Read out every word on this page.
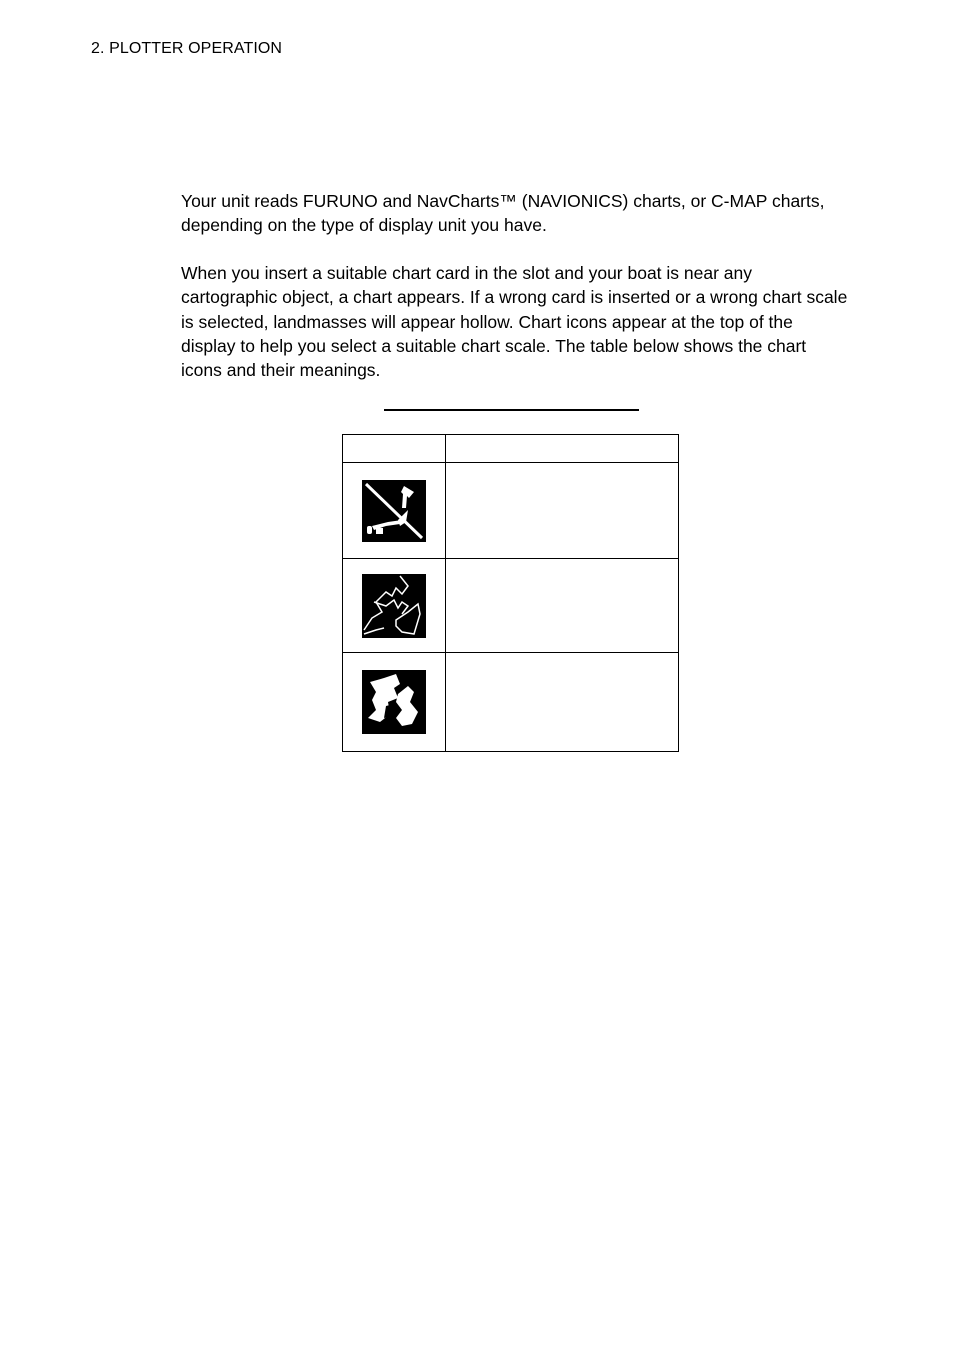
2. PLOTTER OPERATION

Your unit reads FURUNO and NavCharts™ (NAVIONICS) charts, or C-MAP charts, depending on the type of display unit you have.

When you insert a suitable chart card in the slot and your boat is near any cartographic object, a chart appears. If a wrong card is inserted or a wrong chart scale is selected, landmasses will appear hollow. Chart icons appear at the top of the display to help you select a suitable chart scale. The table below shows the chart icons and their meanings.
